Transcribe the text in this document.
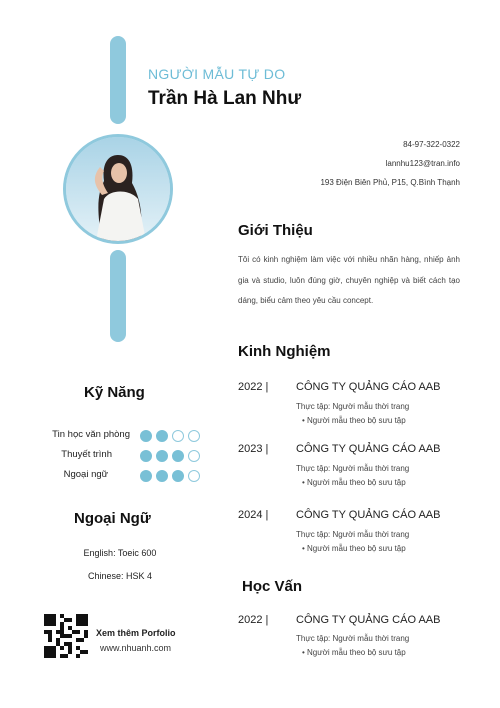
NGƯỜI MẪU TỰ DO
Trần Hà Lan Như
84-97-322-0322
lannhu123@tran.info
193 Điện Biên Phủ, P15, Q.Bình Thạnh
Giới Thiệu
Tôi có kinh nghiệm làm việc với nhiều nhãn hàng, nhiếp ảnh gia và studio, luôn đúng giờ, chuyên nghiệp và biết cách tạo dáng, biểu cảm theo yêu cầu concept.
Kinh Nghiệm
2022 |	CÔNG TY QUẢNG CÁO AAB
Thực tập: Người mẫu thời trang
• Người mẫu theo bộ sưu tập
2023 |	CÔNG TY QUẢNG CÁO AAB
Thực tập: Người mẫu thời trang
• Người mẫu theo bộ sưu tập
2024 |	CÔNG TY QUẢNG CÁO AAB
Thực tập: Người mẫu thời trang
• Người mẫu theo bộ sưu tập
Học Vấn
2022 |	CÔNG TY QUẢNG CÁO AAB
Thực tập: Người mẫu thời trang
• Người mẫu theo bộ sưu tập
Kỹ Năng
Tin học văn phòng
Thuyết trình
Ngoại ngữ
Ngoại Ngữ
English: Toeic 600
Chinese: HSK 4
Xem thêm Porfolio
www.nhuanh.com
